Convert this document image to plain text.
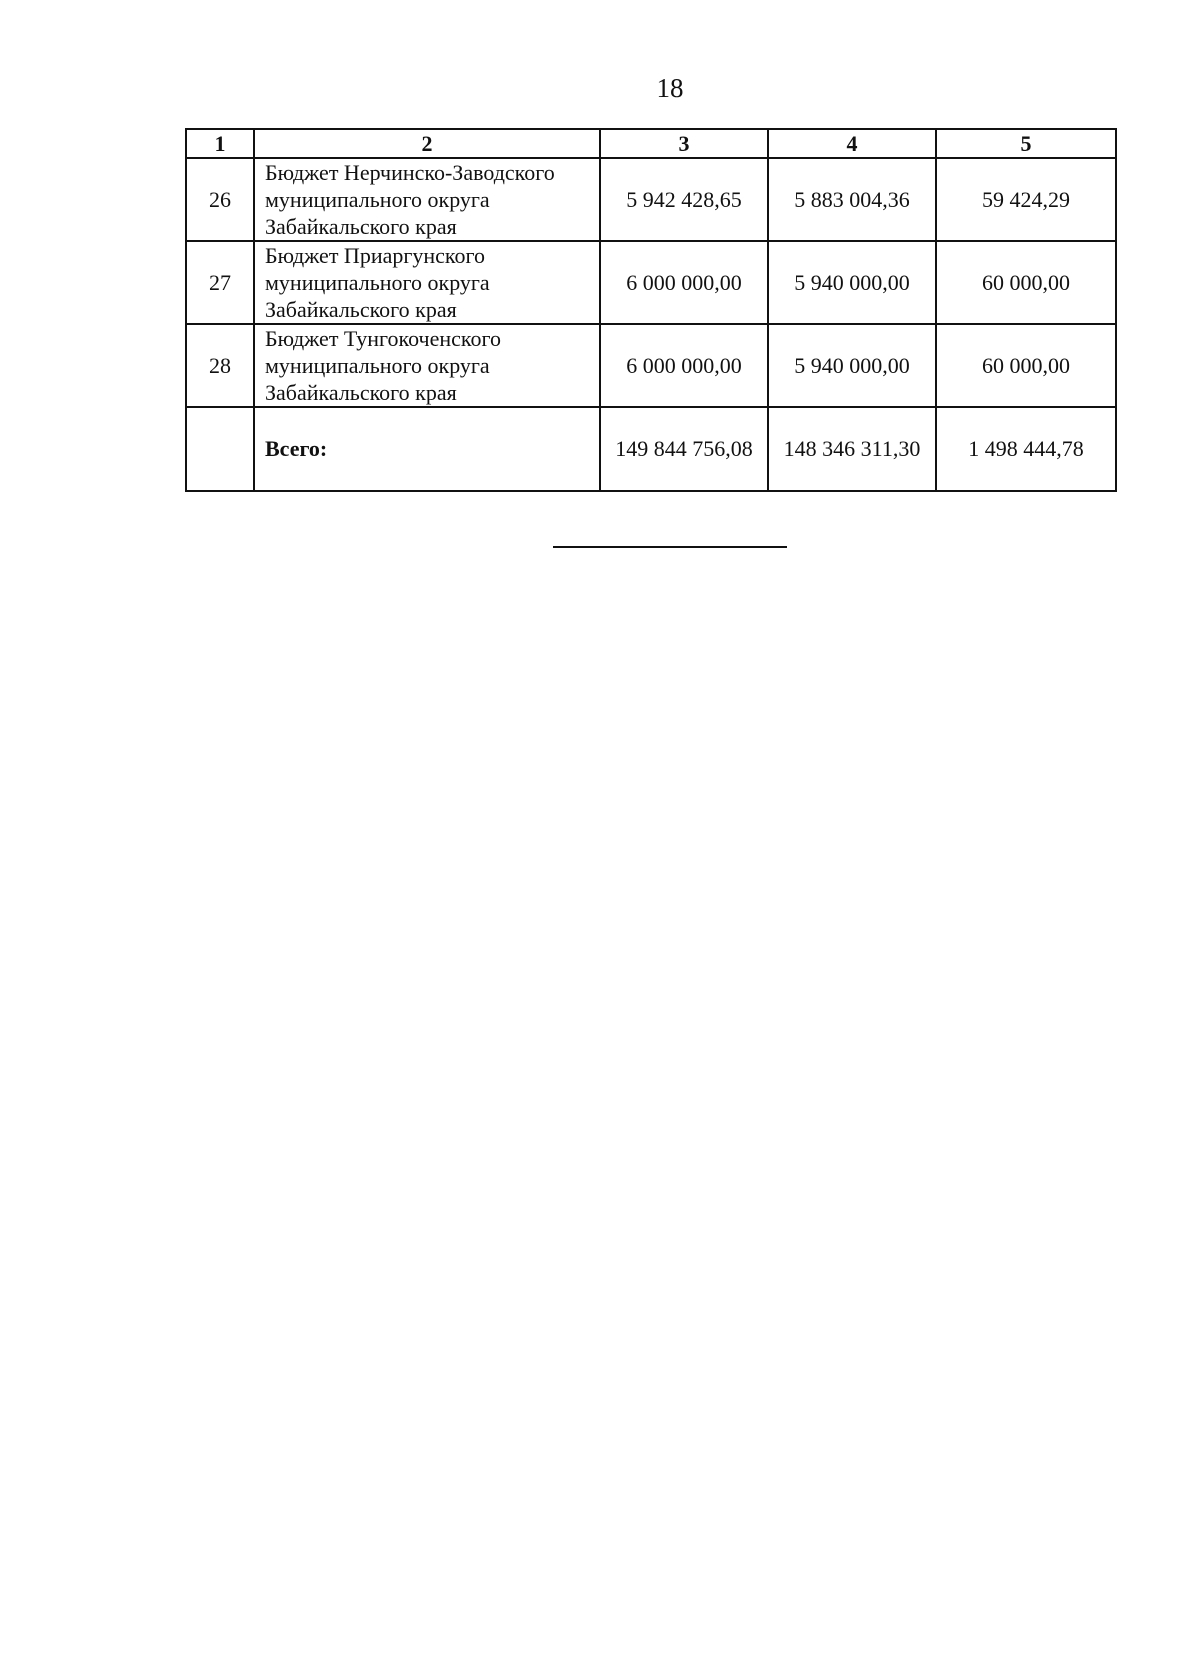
18
1	2	3	4	5
26	Бюджет Нерчинско-Заводского
муниципального округа
Забайкальского края	5 942 428,65	5 883 004,36	59 424,29
27	Бюджет Приаргунского
муниципального округа
Забайкальского края	6 000 000,00	5 940 000,00	60 000,00
28	Бюджет Тунгокоченского
муниципального округа
Забайкальского края	6 000 000,00	5 940 000,00	60 000,00
	Всего:	149 844 756,08	148 346 311,30	1 498 444,78
